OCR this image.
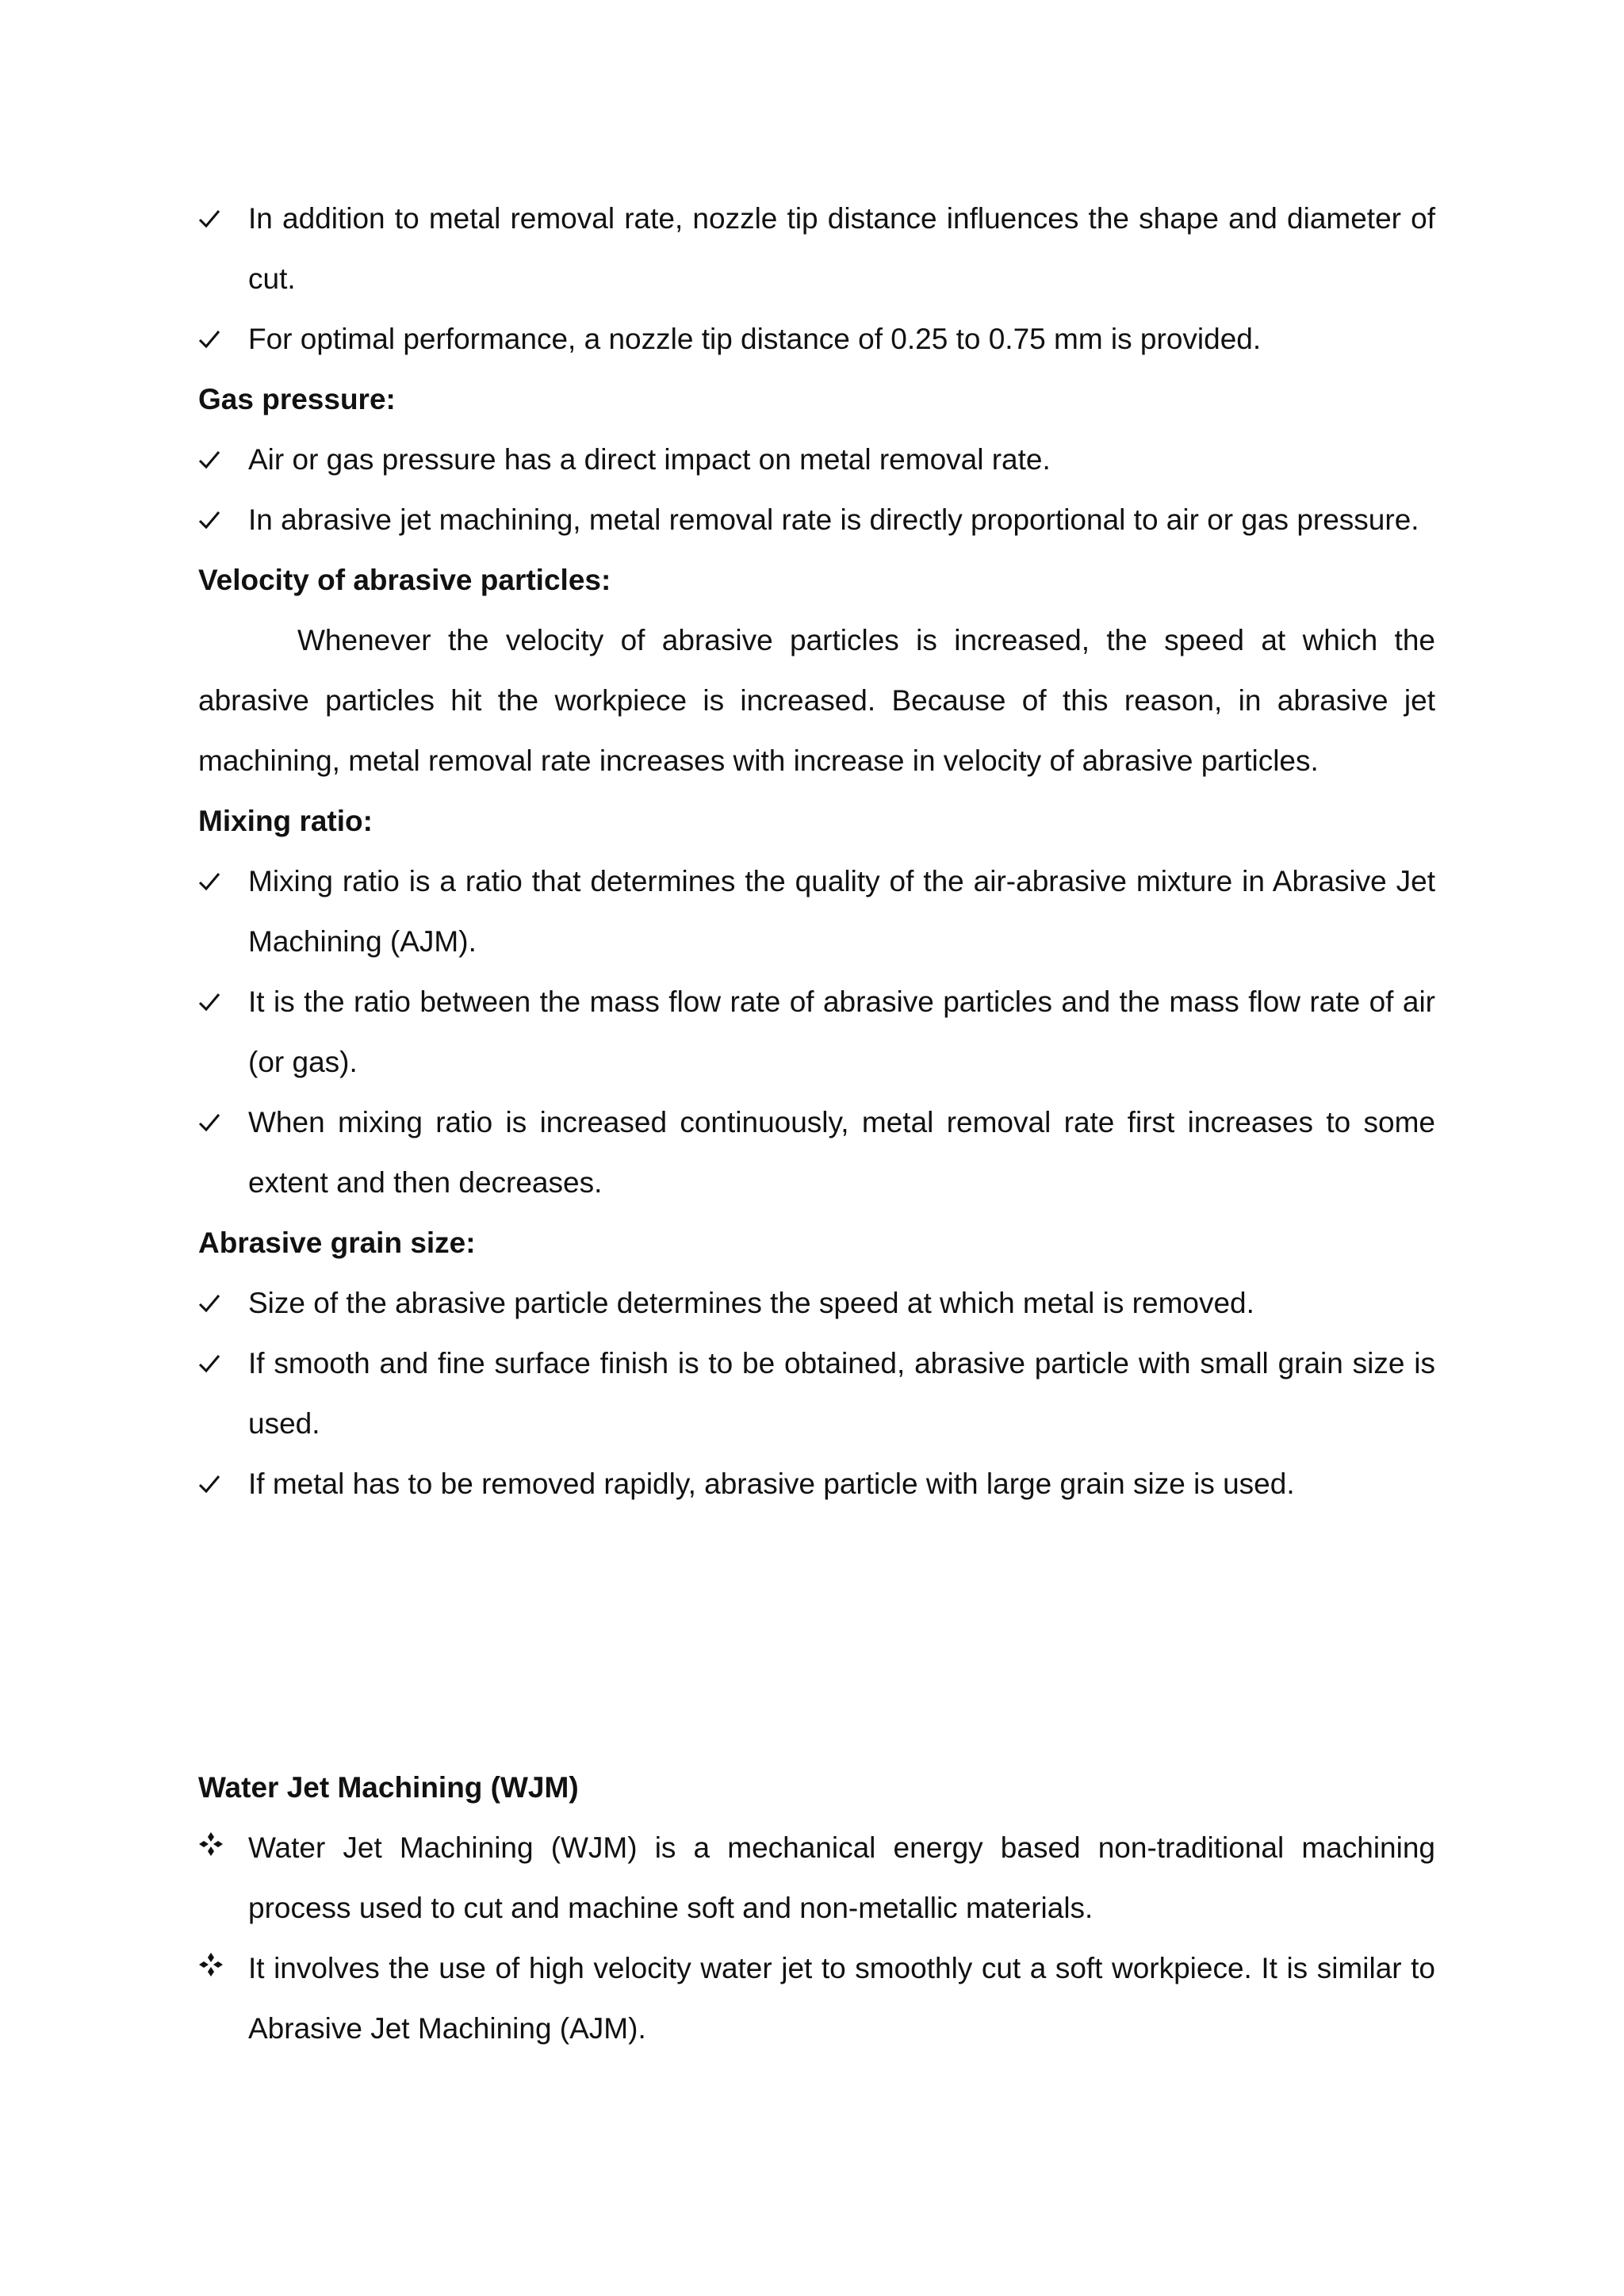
In addition to metal removal rate, nozzle tip distance influences the shape and diameter of cut.

For optimal performance, a nozzle tip distance of 0.25 to 0.75 mm is provided.

Gas pressure:

Air or gas pressure has a direct impact on metal removal rate.

In abrasive jet machining, metal removal rate is directly proportional to air or gas pressure.

Velocity of abrasive particles:

Whenever the velocity of abrasive particles is increased, the speed at which the abrasive particles hit the workpiece is increased. Because of this reason, in abrasive jet machining, metal removal rate increases with increase in velocity of abrasive particles.

Mixing ratio:

Mixing ratio is a ratio that determines the quality of the air-abrasive mixture in Abrasive Jet Machining (AJM).

It is the ratio between the mass flow rate of abrasive particles and the mass flow rate of air (or gas).

When mixing ratio is increased continuously, metal removal rate first increases to some extent and then decreases.

Abrasive grain size:

Size of the abrasive particle determines the speed at which metal is removed.

If smooth and fine surface finish is to be obtained, abrasive particle with small grain size is used.

If metal has to be removed rapidly, abrasive particle with large grain size is used.

Water Jet Machining (WJM)

Water Jet Machining (WJM) is a mechanical energy based non-traditional machining process used to cut and machine soft and non-metallic materials.

It involves the use of high velocity water jet to smoothly cut a soft workpiece. It is similar to Abrasive Jet Machining (AJM).
